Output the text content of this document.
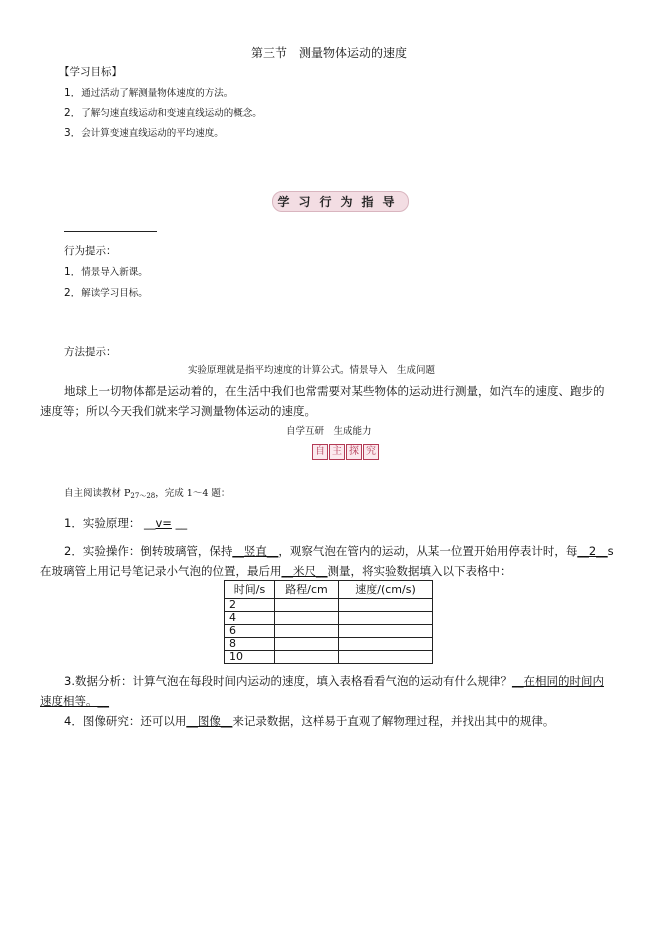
第三节　测量物体运动的速度
【学习目标】
1．通过活动了解测量物体速度的方法。
2．了解匀速直线运动和变速直线运动的概念。
3．会计算变速直线运动的平均速度。
学习行为指导
行为提示：
1．情景导入新课。
2．解读学习目标。
方法提示：
实验原理就是指平均速度的计算公式。情景导入　生成问题
地球上一切物体都是运动着的，在生活中我们也常需要对某些物体的运动进行测量，如汽车的速度、跑步的
速度等；所以今天我们就来学习测量物体运动的速度。
自学互研　生成能力
自 主 探 究
自主阅读教材 $P_{27\sim 28}$，完成 1～4 题：
1．实验原理： __v= __
2．实验操作：倒转玻璃管，保持__竖直__，观察气泡在管内的运动，从某一位置开始用停表计时，每__2__s
在玻璃管上用记号笔记录小气泡的位置，最后用__米尺__测量，将实验数据填入以下表格中：
时间/s	路程/cm	速度/(cm/s)
2		
4		
6		
8		
10		
3.数据分析：计算气泡在每段时间内运动的速度，填入表格看看气泡的运动有什么规律？__在相同的时间内
速度相等。__
4．图像研究：还可以用__图像__来记录数据，这样易于直观了解物理过程，并找出其中的规律。
